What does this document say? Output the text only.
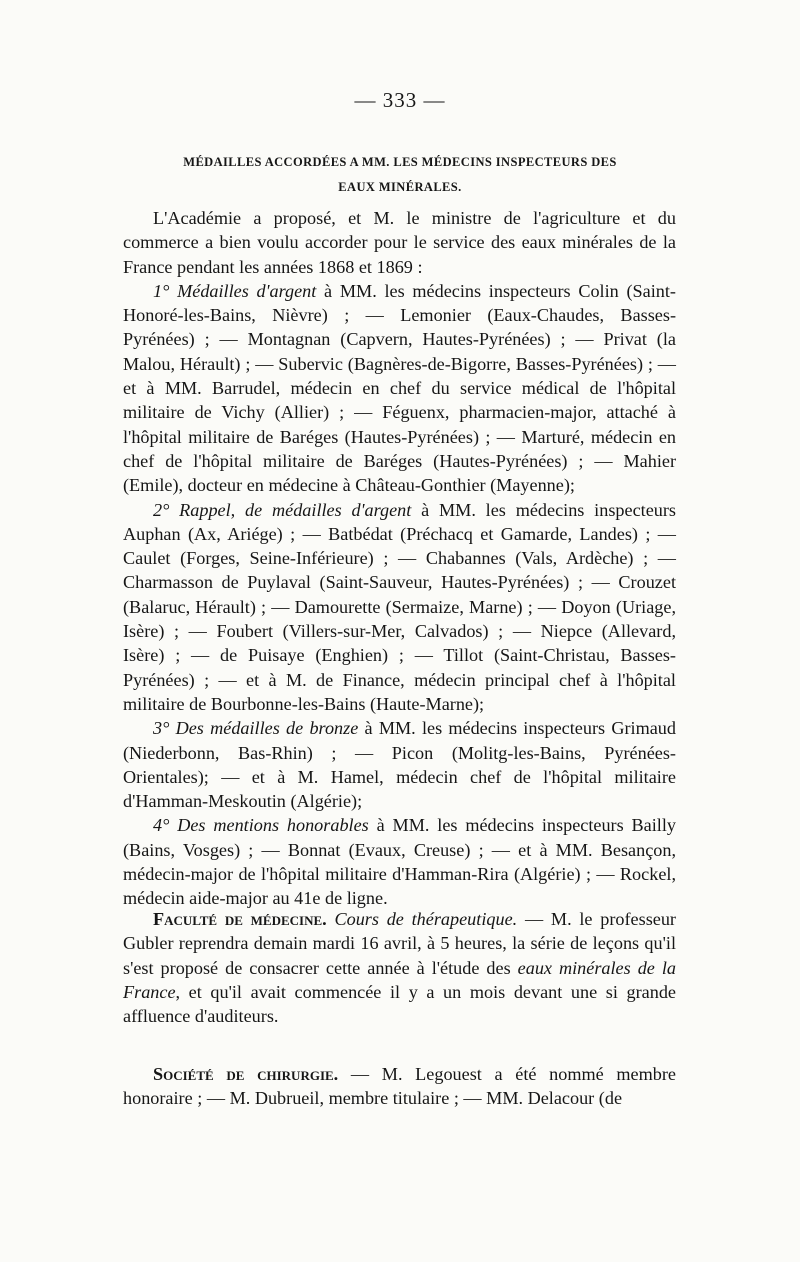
— 333 —
MÉDAILLES ACCORDÉES A MM. LES MÉDECINS INSPECTEURS DES
EAUX MINÉRALES.

L'Académie a proposé, et M. le ministre de l'agriculture et du commerce a bien voulu accorder pour le service des eaux minérales de la France pendant les années 1868 et 1869 :

1° Médailles d'argent à MM. les médecins inspecteurs Colin (Saint-Honoré-les-Bains, Nièvre) ; — Lemonier (Eaux-Chaudes, Basses-Pyrénées) ; — Montagnan (Capvern, Hautes-Pyrénées) ; — Privat (la Malou, Hérault) ; — Subervic (Bagnères-de-Bigorre, Basses-Pyrénées) ; — et à MM. Barrudel, médecin en chef du service médical de l'hôpital militaire de Vichy (Allier) ; — Féguenx, pharmacien-major, attaché à l'hôpital militaire de Baréges (Hautes-Pyrénées) ; — Marturé, médecin en chef de l'hôpital militaire de Baréges (Hautes-Pyrénées) ; — Mahier (Emile), docteur en médecine à Château-Gonthier (Mayenne);

2° Rappel, de médailles d'argent à MM. les médecins inspecteurs Auphan (Ax, Ariége) ; — Batbédat (Préchacq et Gamarde, Landes) ; — Caulet (Forges, Seine-Inférieure) ; — Chabannes (Vals, Ardèche) ; — Charmasson de Puylaval (Saint-Sauveur, Hautes-Pyrénées) ; — Crouzet (Balaruc, Hérault) ; — Damourette (Sermaize, Marne) ; — Doyon (Uriage, Isère) ; — Foubert (Villers-sur-Mer, Calvados) ; — Niepce (Allevard, Isère) ; — de Puisaye (Enghien) ; — Tillot (Saint-Christau, Basses-Pyrénées) ; — et à M. de Finance, médecin principal chef à l'hôpital militaire de Bourbonne-les-Bains (Haute-Marne);

3° Des médailles de bronze à MM. les médecins inspecteurs Grimaud (Niederbonn, Bas-Rhin) ; — Picon (Molitg-les-Bains, Pyrénées-Orientales); — et à M. Hamel, médecin chef de l'hôpital militaire d'Hamman-Meskoutin (Algérie);

4° Des mentions honorables à MM. les médecins inspecteurs Bailly (Bains, Vosges) ; — Bonnat (Evaux, Creuse) ; — et à MM. Besançon, médecin-major de l'hôpital militaire d'Hamman-Rira (Algérie) ; — Rockel, médecin aide-major au 41e de ligne.

Faculté de médecine. Cours de thérapeutique. — M. le professeur Gubler reprendra demain mardi 16 avril, à 5 heures, la série de leçons qu'il s'est proposé de consacrer cette année à l'étude des eaux minérales de la France, et qu'il avait commencée il y a un mois devant une si grande affluence d'auditeurs.

Société de chirurgie. — M. Legouest a été nommé membre honoraire ; — M. Dubrueil, membre titulaire ; — MM. Delacour (de
